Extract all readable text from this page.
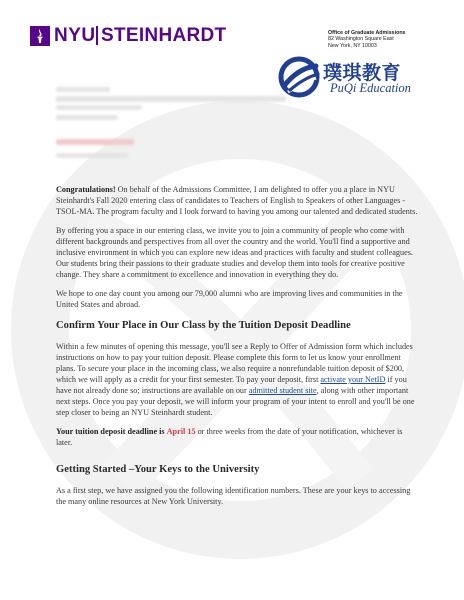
NYU STEINHARDT	Office of Graduate Admissions
82 Washington Square East
New York, NY 10003
璞琪教育
PuQi Education

Congratulations! On behalf of the Admissions Committee, I am delighted to offer you a place in NYU Steinhardt's Fall 2020 entering class of candidates to Teachers of English to Speakers of other Languages - TSOL-MA. The program faculty and I look forward to having you among our talented and dedicated students.

By offering you a space in our entering class, we invite you to join a community of people who come with different backgrounds and perspectives from all over the country and the world. You'll find a supportive and inclusive environment in which you can explore new ideas and practices with faculty and student colleagues. Our students bring their passions to their graduate studies and develop them into tools for creative positive change. They share a commitment to excellence and innovation in everything they do.

We hope to one day count you among our 79,000 alumni who are improving lives and communities in the United States and abroad.

Confirm Your Place in Our Class by the Tuition Deposit Deadline

Within a few minutes of opening this message, you'll see a Reply to Offer of Admission form which includes instructions on how to pay your tuition deposit. Please complete this form to let us know your enrollment plans. To secure your place in the incoming class, we also require a nonrefundable tuition deposit of $200, which we will apply as a credit for your first semester. To pay your deposit, first activate your NetID if you have not already done so; instructions are available on our admitted student site, along with other important next steps. Once you pay your deposit, we will inform your program of your intent to enroll and you'll be one step closer to being an NYU Steinhardt student.

Your tuition deposit deadline is April 15 or three weeks from the date of your notification, whichever is later.

Getting Started –Your Keys to the University

As a first step, we have assigned you the following identification numbers. These are your keys to accessing the many online resources at New York University.
